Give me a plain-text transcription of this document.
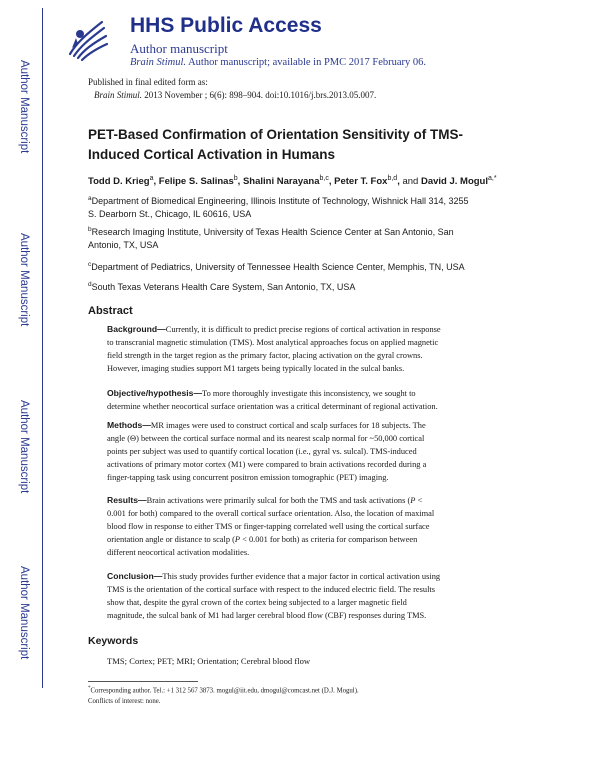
Author Manuscript
Author Manuscript
Author Manuscript
Author Manuscript
HHS Public Access
Author manuscript
Brain Stimul. Author manuscript; available in PMC 2017 February 06.
Published in final edited form as:
Brain Stimul. 2013 November ; 6(6): 898–904. doi:10.1016/j.brs.2013.05.007.
PET-Based Confirmation of Orientation Sensitivity of TMS-
Induced Cortical Activation in Humans
Todd D. Krieg$^a$, Felipe S. Salinas$^b$, Shalini Narayana$^{b,c}$, Peter T. Fox$^{b,d}$, and David J. Mogul$^{a,*}$
$^a$Department of Biomedical Engineering, Illinois Institute of Technology, Wishnick Hall 314, 3255
S. Dearborn St., Chicago, IL 60616, USA
$^b$Research Imaging Institute, University of Texas Health Science Center at San Antonio, San
Antonio, TX, USA
$^c$Department of Pediatrics, University of Tennessee Health Science Center, Memphis, TN, USA
$^d$South Texas Veterans Health Care System, San Antonio, TX, USA
Abstract
Background—Currently, it is difficult to predict precise regions of cortical activation in response
to transcranial magnetic stimulation (TMS). Most analytical approaches focus on applied magnetic
field strength in the target region as the primary factor, placing activation on the gyral crowns.
However, imaging studies support M1 targets being typically located in the sulcal banks.
Objective/hypothesis—To more thoroughly investigate this inconsistency, we sought to
determine whether neocortical surface orientation was a critical determinant of regional activation.
Methods—MR images were used to construct cortical and scalp surfaces for 18 subjects. The
angle (Θ) between the cortical surface normal and its nearest scalp normal for ~50,000 cortical
points per subject was used to quantify cortical location (i.e., gyral vs. sulcal). TMS-induced
activations of primary motor cortex (M1) were compared to brain activations recorded during a
finger-tapping task using concurrent positron emission tomographic (PET) imaging.
Results—Brain activations were primarily sulcal for both the TMS and task activations (P <
0.001 for both) compared to the overall cortical surface orientation. Also, the location of maximal
blood flow in response to either TMS or finger-tapping correlated well using the cortical surface
orientation angle or distance to scalp (P < 0.001 for both) as criteria for comparison between
different neocortical activation modalities.
Conclusion—This study provides further evidence that a major factor in cortical activation using
TMS is the orientation of the cortical surface with respect to the induced electric field. The results
show that, despite the gyral crown of the cortex being subjected to a larger magnetic field
magnitude, the sulcal bank of M1 had larger cerebral blood flow (CBF) responses during TMS.
Keywords
TMS; Cortex; PET; MRI; Orientation; Cerebral blood flow
*Corresponding author. Tel.: +1 312 567 3873. mogul@iit.edu, dmogul@comcast.net (D.J. Mogul).
Conflicts of interest: none.
